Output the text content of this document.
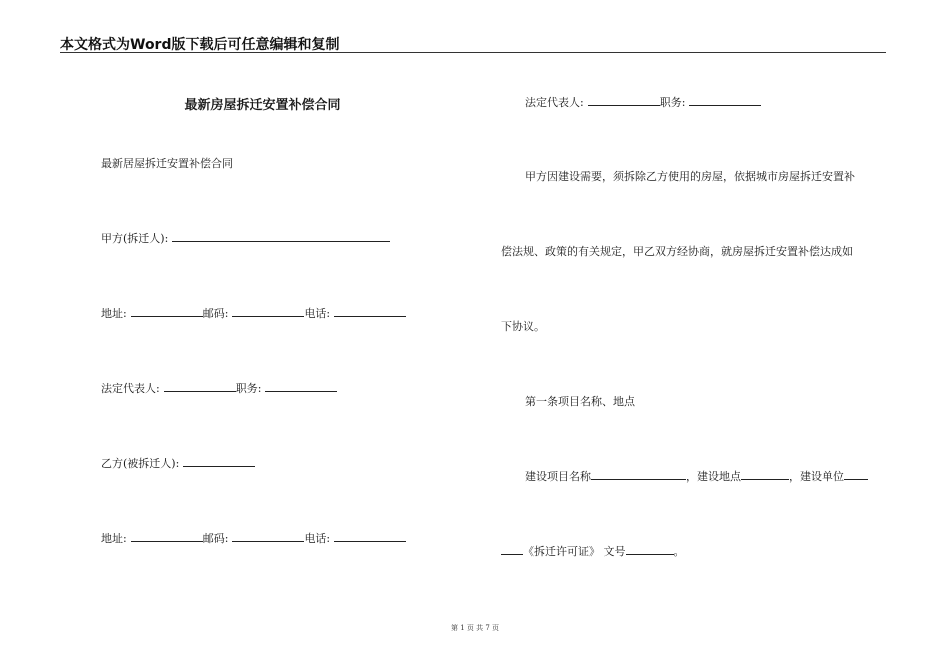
本文格式为Word版下载后可任意编辑和复制
最新房屋拆迁安置补偿合同
最新居屋拆迁安置补偿合同
甲方(拆迁人):
地址:	邮码:	电话:
法定代表人:	职务:
乙方(被拆迁人):
地址:	邮码:	电话:
法定代表人:	职务:
甲方因建设需要，须拆除乙方使用的房屋，依据城市房屋拆迁安置补
偿法规、政策的有关规定，甲乙双方经协商，就房屋拆迁安置补偿达成如
下协议。
第一条项目名称、地点
建设项目名称	，建设地点	，建设单位
《拆迁许可证》 文号	。
第 1 页 共 7 页
